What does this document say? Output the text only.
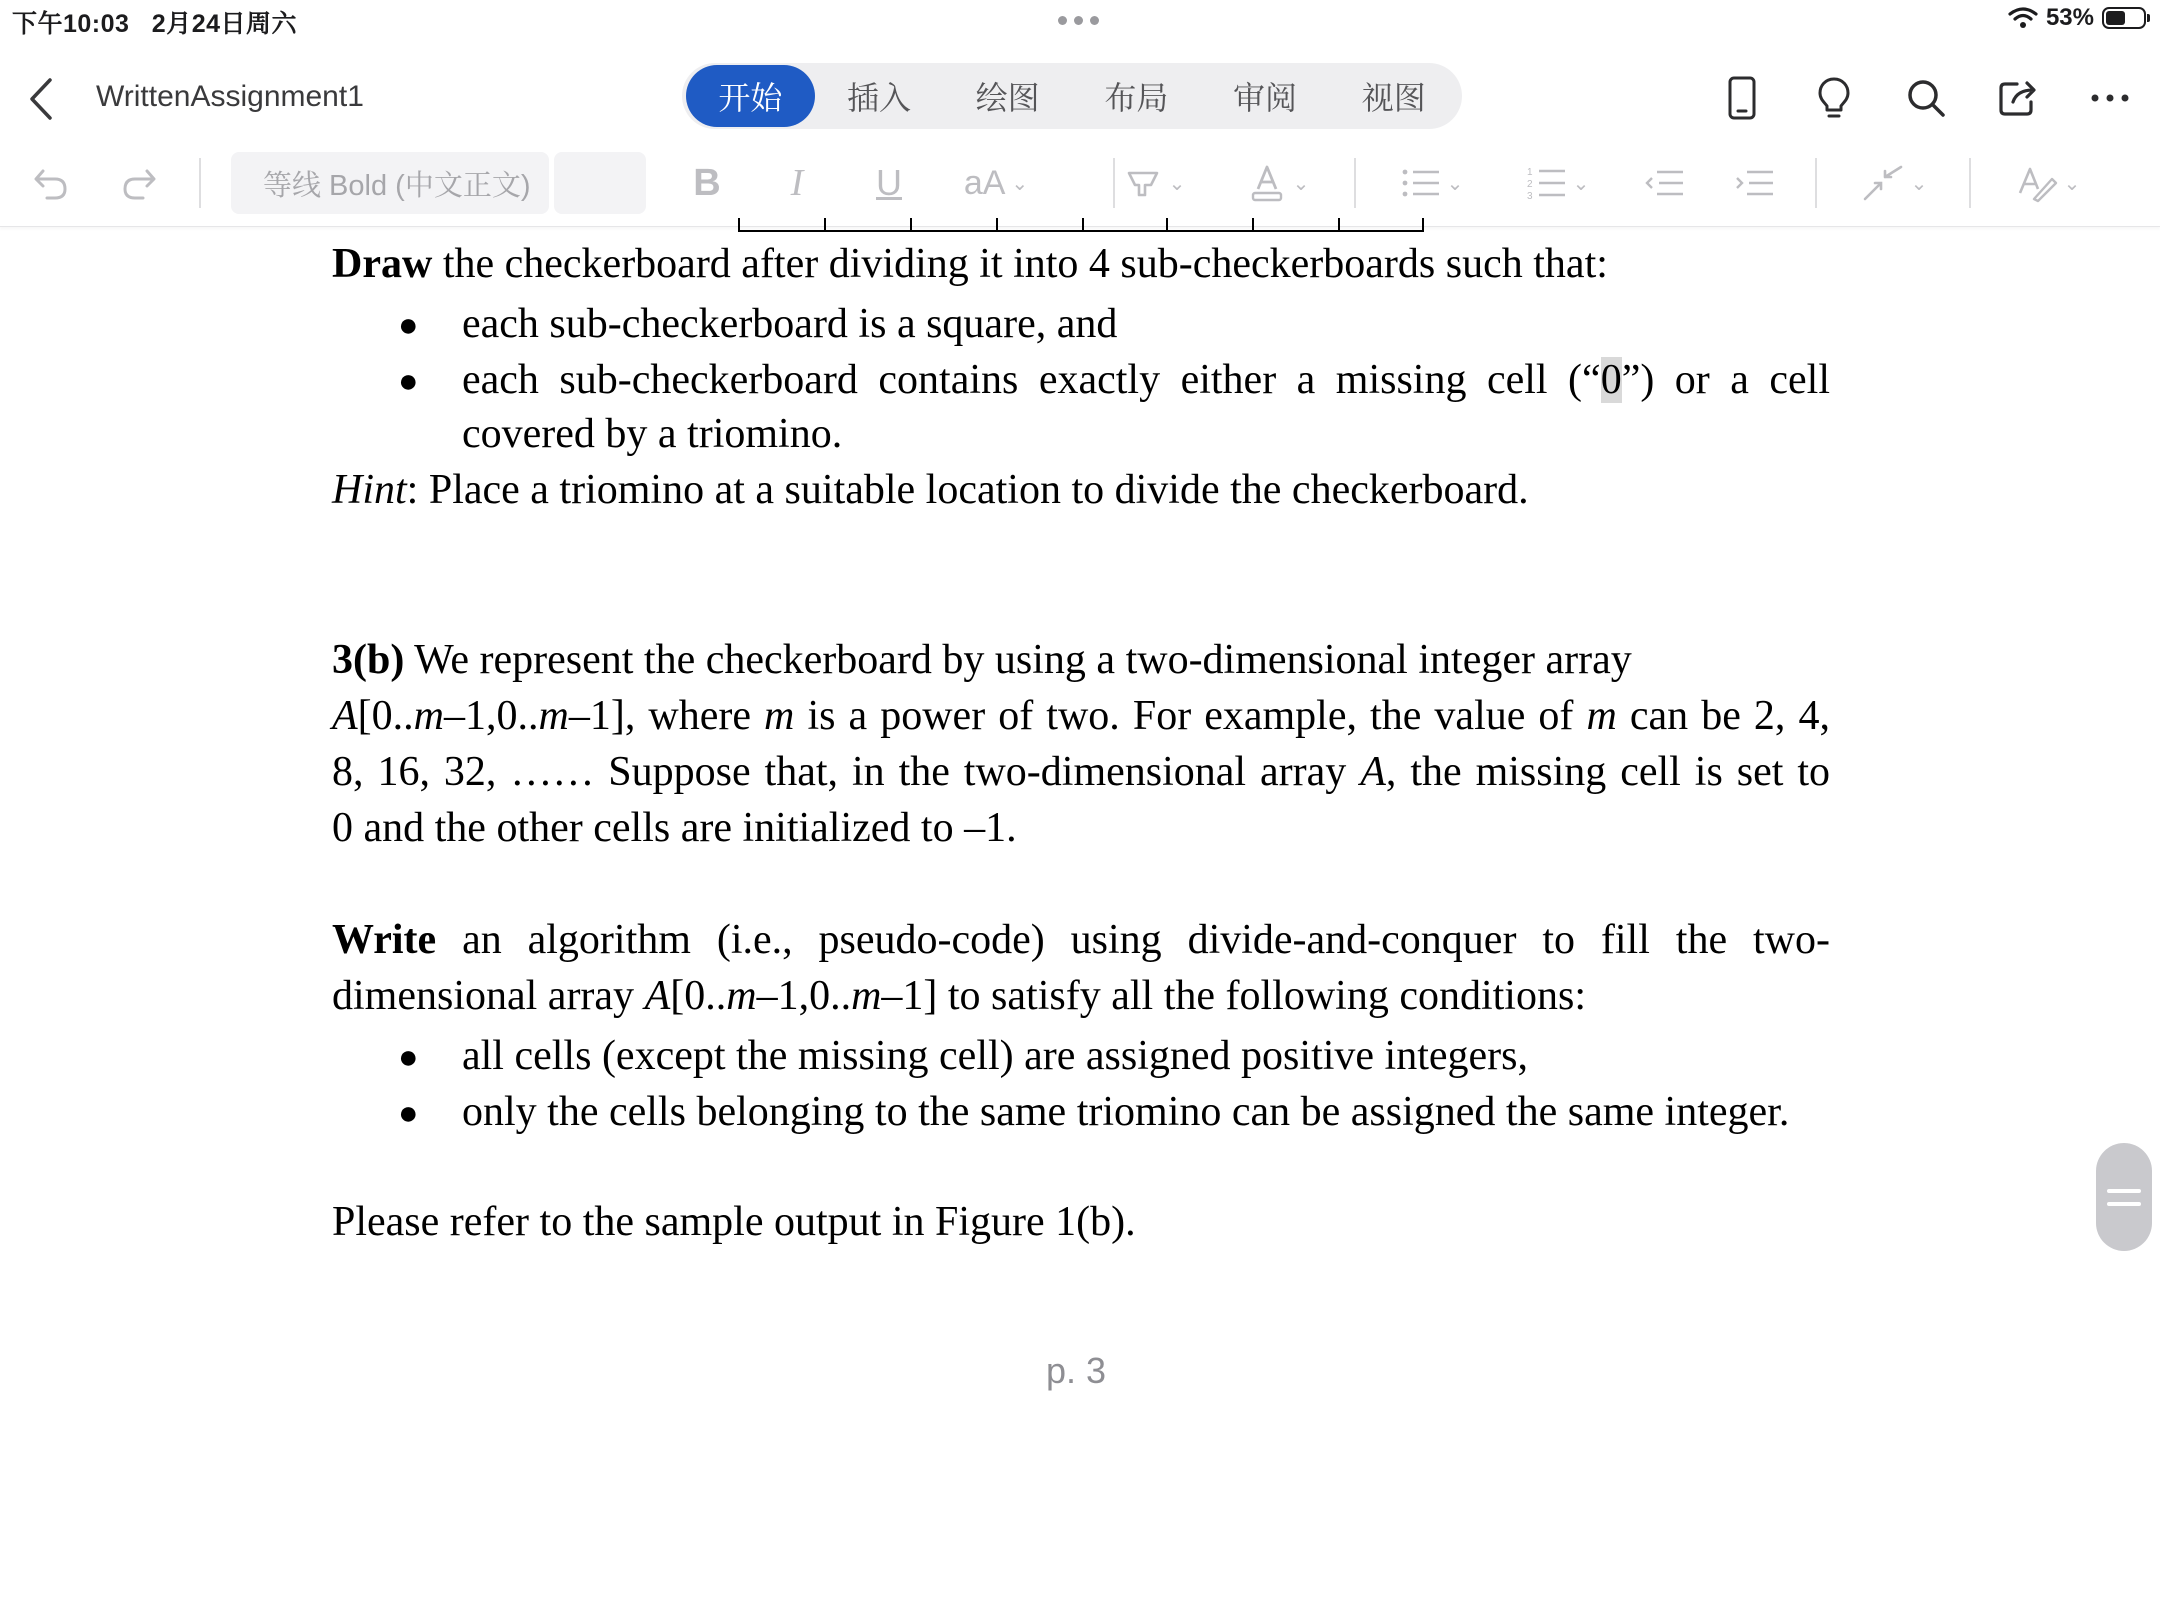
下午10:03 2月24日周六	53%
WrittenAssignment1	开始	插入	绘图	布局	审阅	视图
等线 Bold (中文正文)	B	I	U	aA ⌄	⌄	⌄	⌄	1
2
3
⌄	⌄	⌄
Draw the checkerboard after dividing it into 4 sub-checkerboards such that:
● each sub-checkerboard is a square, and
● each sub-checkerboard contains exactly either a missing cell (“0”) or a cell
covered by a triomino.
Hint: Place a triomino at a suitable location to divide the checkerboard.
3(b) We represent the checkerboard by using a two-dimensional integer array
A[0..m–1,0..m–1], where m is a power of two. For example, the value of m can be 2, 4,
8, 16, 32, …… Suppose that, in the two-dimensional array A, the missing cell is set to
0 and the other cells are initialized to –1.
Write an algorithm (i.e., pseudo-code) using divide-and-conquer to fill the two-
dimensional array A[0..m–1,0..m–1] to satisfy all the following conditions:
● all cells (except the missing cell) are assigned positive integers,
● only the cells belonging to the same triomino can be assigned the same integer.
Please refer to the sample output in Figure 1(b).
p. 3
